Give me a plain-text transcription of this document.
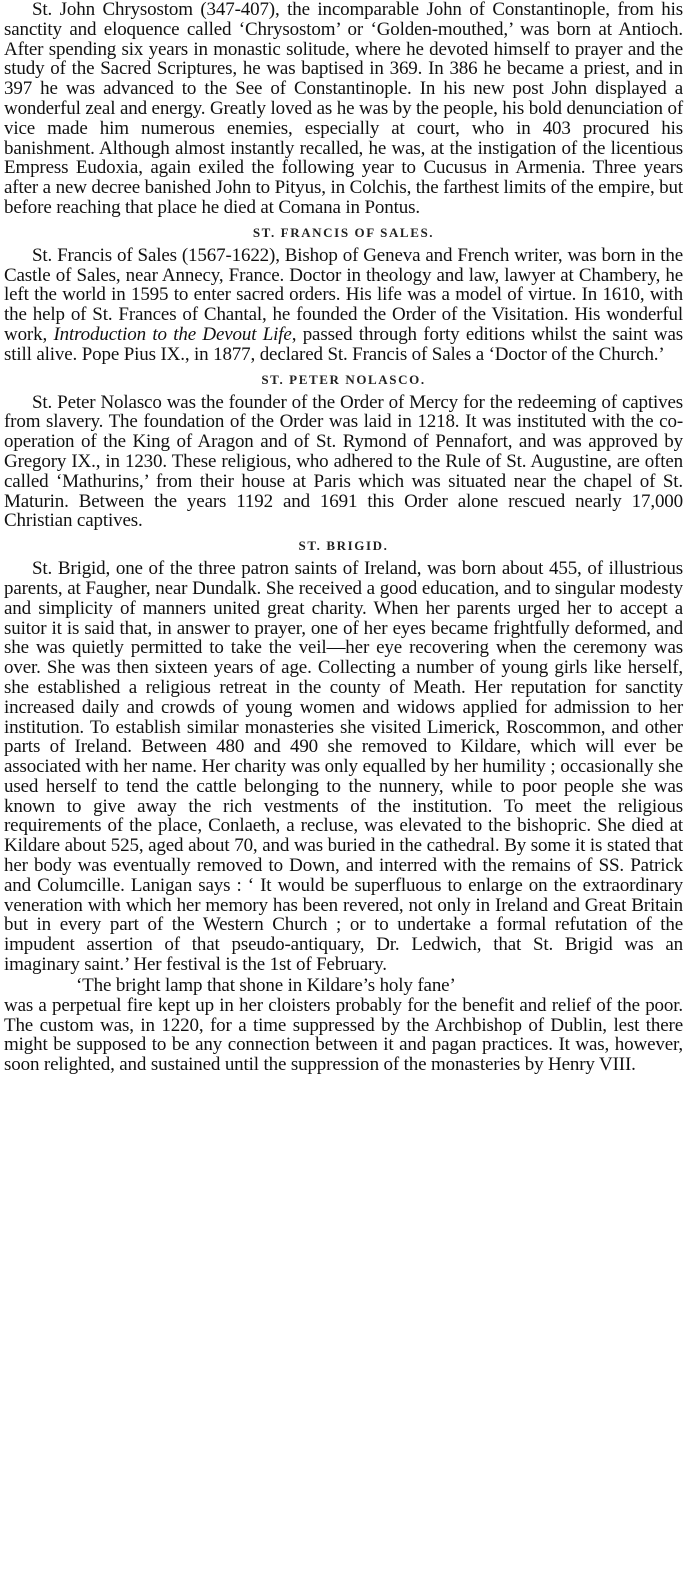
St. John Chrysostom (347-407), the incomparable John of Constantinople, from his sanctity and eloquence called ‘Chrysostom’ or ‘Golden-mouthed,’ was born at Antioch. After spending six years in monastic solitude, where he devoted himself to prayer and the study of the Sacred Scriptures, he was baptised in 369. In 386 he became a priest, and in 397 he was advanced to the See of Constantinople. In his new post John displayed a wonderful zeal and energy. Greatly loved as he was by the people, his bold denunciation of vice made him numerous enemies, especially at court, who in 403 procured his banishment. Although almost instantly recalled, he was, at the instigation of the licentious Empress Eudoxia, again exiled the following year to Cucusus in Armenia. Three years after a new decree banished John to Pityus, in Colchis, the farthest limits of the empire, but before reaching that place he died at Comana in Pontus.

ST. FRANCIS OF SALES.

St. Francis of Sales (1567-1622), Bishop of Geneva and French writer, was born in the Castle of Sales, near Annecy, France. Doctor in theology and law, lawyer at Chambery, he left the world in 1595 to enter sacred orders. His life was a model of virtue. In 1610, with the help of St. Frances of Chantal, he founded the Order of the Visitation. His wonderful work, Introduction to the Devout Life, passed through forty editions whilst the saint was still alive. Pope Pius IX., in 1877, declared St. Francis of Sales a ‘Doctor of the Church.’

ST. PETER NOLASCO.

St. Peter Nolasco was the founder of the Order of Mercy for the redeeming of captives from slavery. The foundation of the Order was laid in 1218. It was instituted with the co-operation of the King of Aragon and of St. Rymond of Pennafort, and was approved by Gregory IX., in 1230. These religious, who adhered to the Rule of St. Augustine, are often called ‘Mathurins,’ from their house at Paris which was situated near the chapel of St. Maturin. Between the years 1192 and 1691 this Order alone rescued nearly 17,000 Christian captives.

ST. BRIGID.

St. Brigid, one of the three patron saints of Ireland, was born about 455, of illustrious parents, at Faugher, near Dundalk. She received a good education, and to singular modesty and simplicity of manners united great charity. When her parents urged her to accept a suitor it is said that, in answer to prayer, one of her eyes became frightfully deformed, and she was quietly permitted to take the veil—her eye recovering when the ceremony was over. She was then sixteen years of age. Collecting a number of young girls like herself, she established a religious retreat in the county of Meath. Her reputation for sanctity increased daily and crowds of young women and widows applied for admission to her institution. To establish similar monasteries she visited Limerick, Roscommon, and other parts of Ireland. Between 480 and 490 she removed to Kildare, which will ever be associated with her name. Her charity was only equalled by her humility ; occasionally she used herself to tend the cattle belonging to the nunnery, while to poor people she was known to give away the rich vestments of the institution. To meet the religious requirements of the place, Conlaeth, a recluse, was elevated to the bishopric. She died at Kildare about 525, aged about 70, and was buried in the cathedral. By some it is stated that her body was eventually removed to Down, and interred with the remains of SS. Patrick and Columcille. Lanigan says : ‘ It would be superfluous to enlarge on the extraordinary veneration with which her memory has been revered, not only in Ireland and Great Britain but in every part of the Western Church ; or to undertake a formal refutation of the impudent assertion of that pseudo-antiquary, Dr. Ledwich, that St. Brigid was an imaginary saint.’ Her festival is the 1st of February.

‘The bright lamp that shone in Kildare’s holy fane’

was a perpetual fire kept up in her cloisters probably for the benefit and relief of the poor. The custom was, in 1220, for a time suppressed by the Archbishop of Dublin, lest there might be supposed to be any connection between it and pagan practices. It was, however, soon relighted, and sustained until the suppression of the monasteries by Henry VIII.
